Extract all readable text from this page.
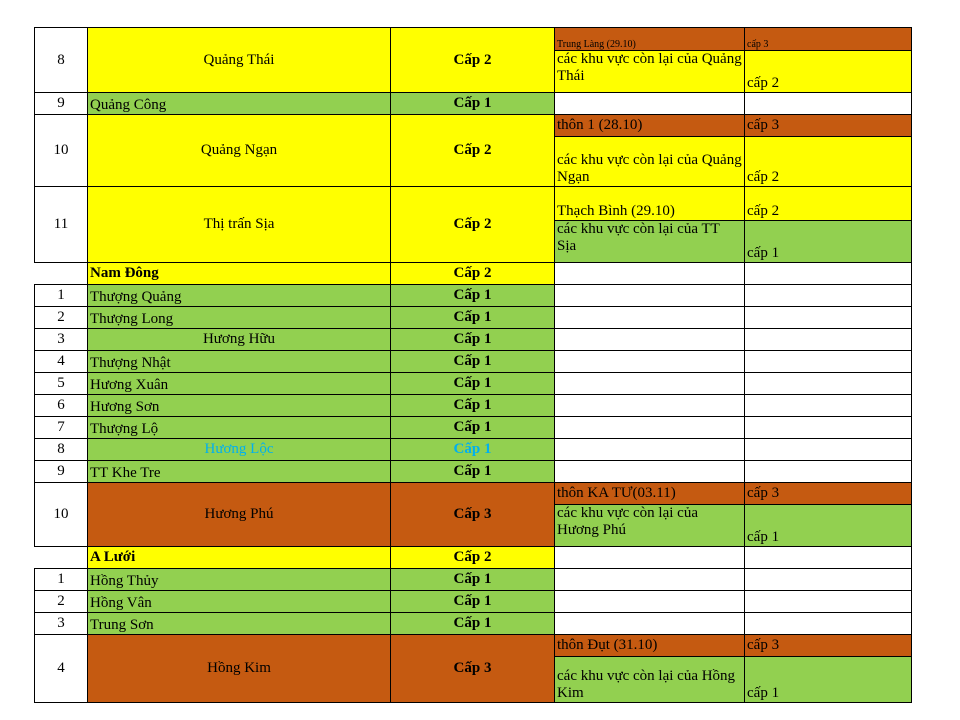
8	Quảng Thái	Cấp 2	Trung Làng (29.10)	cấp 3
			các khu vực còn lại của Quảng Thái	cấp 2
9	Quảng Công	Cấp 1		
10	Quảng Ngạn	Cấp 2	thôn 1 (28.10)	cấp 3
			các khu vực còn lại của Quảng Ngạn	cấp 2
11	Thị trấn Sịa	Cấp 2	Thạch Bình (29.10)	cấp 2
			các khu vực còn lại của TT Sịa	cấp 1
	Nam Đông	Cấp 2		
1	Thượng Quảng	Cấp 1		
2	Thượng Long	Cấp 1		
3	Hương Hữu	Cấp 1		
4	Thượng Nhật	Cấp 1		
5	Hương Xuân	Cấp 1		
6	Hương Sơn	Cấp 1		
7	Thượng Lộ	Cấp 1		
8	Hương Lộc	Cấp 1		
9	TT Khe Tre	Cấp 1		
10	Hương Phú	Cấp 3	thôn KA TƯ(03.11)	cấp 3
			các khu vực còn lại của Hương Phú	cấp 1
	A Lưới	Cấp 2		
1	Hồng Thủy	Cấp 1		
2	Hồng Vân	Cấp 1		
3	Trung Sơn	Cấp 1		
4	Hồng Kim	Cấp 3	thôn Đụt (31.10)	cấp 3
			các khu vực còn lại của Hồng Kim	cấp 1
